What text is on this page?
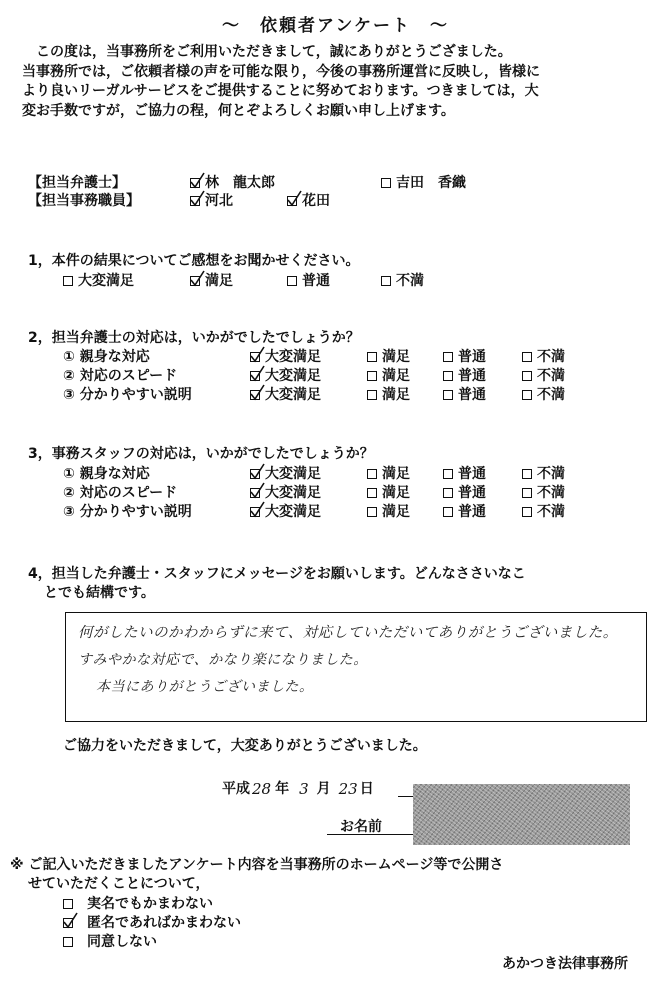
～　依頼者アンケート　～
この度は，当事務所をご利用いただきまして，誠にありがとうござました。
当事務所では，ご依頼者様の声を可能な限り，今後の事務所運営に反映し，皆様に
より良いリーガルサービスをご提供することに努めております。つきましては，大
変お手数ですが，ご協力の程，何とぞよろしくお願い申し上げます。
【担当弁護士】	林　龍太郎	吉田　香織
【担当事務職員】	河北	花田
1，本件の結果についてご感想をお聞かせください。
大変満足	満足	普通	不満
2，担当弁護士の対応は，いかがでしたでしょうか？
3，事務スタッフの対応は，いかがでしたでしょうか？
4，担当した弁護士・スタッフにメッセージをお願いします。どんなささいなこ
とでも結構です。
何がしたいのかわからずに来て、対応していただいてありがとうございました。
すみやかな対応で、かなり楽になりました。
本当にありがとうございました。
ご協力をいただきまして，大変ありがとうございました。
平成 28 年 3 月 23 日
お名前
※ ご記入いただきましたアンケート内容を当事務所のホームページ等で公開さ
せていただくことについて，
実名でもかまわない
匿名であればかまわない
同意しない
あかつき法律事務所
① 親身な対応	大変満足	満足	普通	不満
② 対応のスピード	大変満足	満足	普通	不満
③ 分かりやすい説明	大変満足	満足	普通	不満
① 親身な対応	大変満足	満足	普通	不満
② 対応のスピード	大変満足	満足	普通	不満
③ 分かりやすい説明	大変満足	満足	普通	不満
